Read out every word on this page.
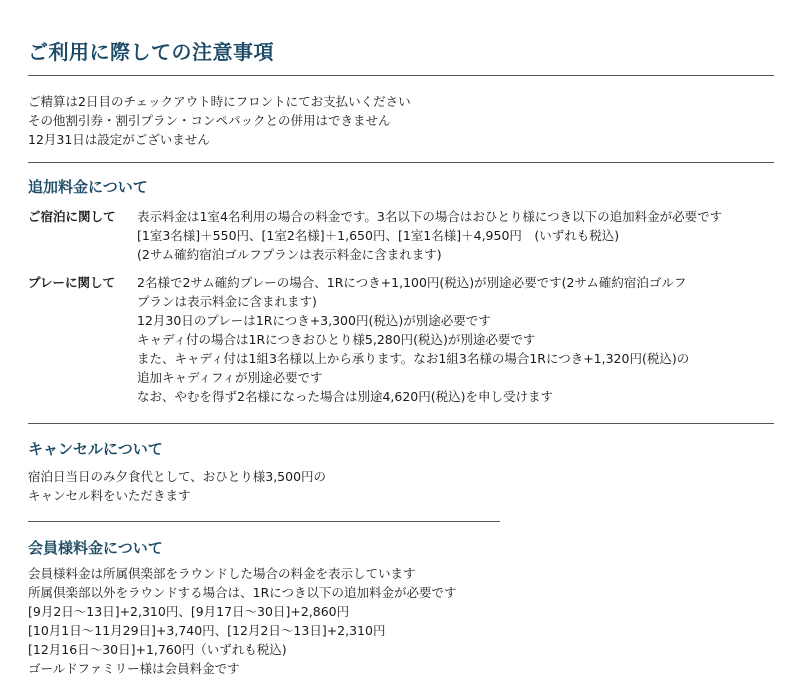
ご利用に際しての注意事項
ご精算は2日目のチェックアウト時にフロントにてお支払いください
その他割引券・割引プラン・コンペパックとの併用はできません
12月31日は設定がございません
追加料金について
ご宿泊に関して 表示料金は1室4名利用の場合の料金です。3名以下の場合はおひとり様につき以下の追加料金が必要です
[1室3名様]＋550円、[1室2名様]＋1,650円、[1室1名様]＋4,950円　(いずれも税込)
(2サム確約宿泊ゴルフプランは表示料金に含まれます)
プレーに関して 2名様で2サム確約プレーの場合、1Rにつき+1,100円(税込)が別途必要です(2サム確約宿泊ゴルフ
プランは表示料金に含まれます)
12月30日のプレーは1Rにつき+3,300円(税込)が別途必要です
キャディ付の場合は1Rにつきおひとり様5,280円(税込)が別途必要です
また、キャディ付は1組3名様以上から承ります。なお1組3名様の場合1Rにつき+1,320円(税込)の
追加キャディフィが別途必要です
なお、やむを得ず2名様になった場合は別途4,620円(税込)を申し受けます
キャンセルについて
宿泊日当日のみ夕食代として、おひとり様3,500円の
キャンセル料をいただきます
会員様料金について
会員様料金は所属倶楽部をラウンドした場合の料金を表示しています
所属倶楽部以外をラウンドする場合は、1Rにつき以下の追加料金が必要です
[9月2日〜13日]+2,310円、[9月17日〜30日]+2,860円
[10月1日〜11月29日]+3,740円、[12月2日〜13日]+2,310円
[12月16日〜30日]+1,760円（いずれも税込)
ゴールドファミリー様は会員料金です
